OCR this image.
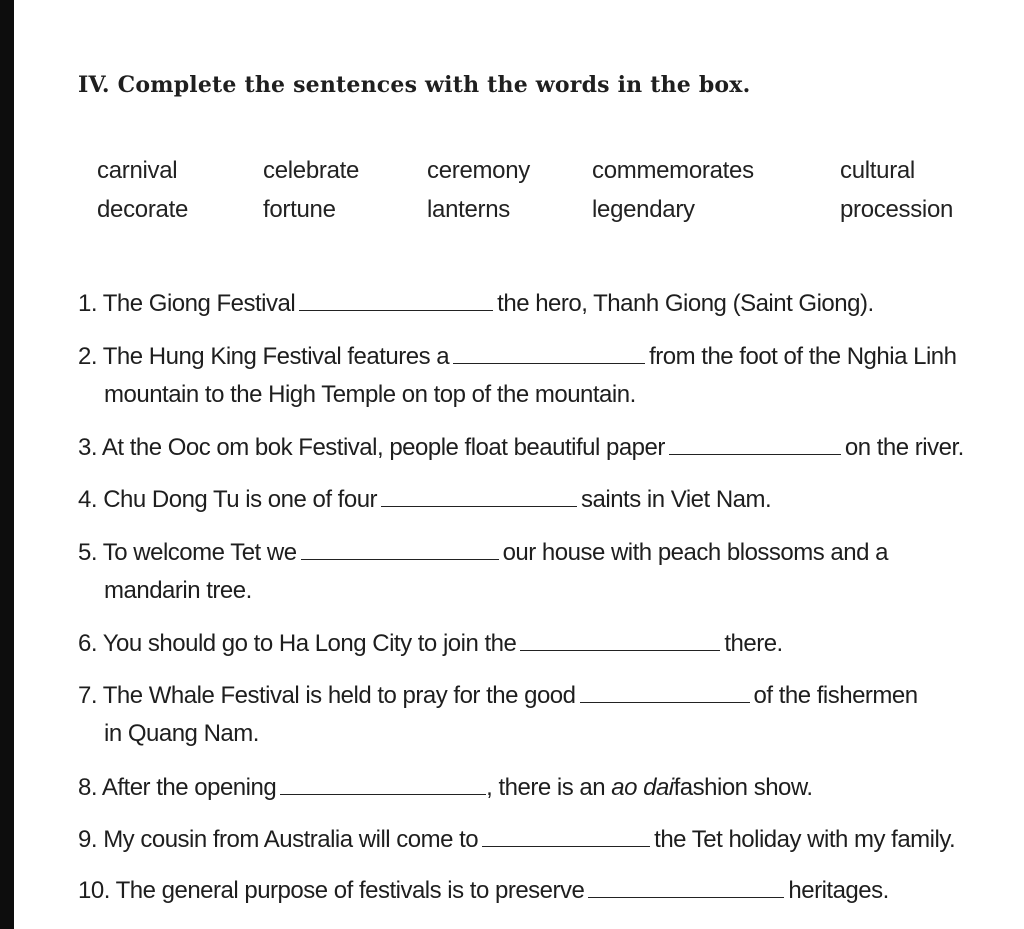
IV. Complete the sentences with the words in the box.
carnival	celebrate	ceremony	commemorates	cultural
decorate	fortune	lanterns	legendary	procession
1. The Giong Festival	the hero, Thanh Giong (Saint Giong).
2. The Hung King Festival features a	from the foot of the Nghia Linh
mountain to the High Temple on top of the mountain.
3. At the Ooc om bok Festival, people float beautiful paper	on the river.
4. Chu Dong Tu is one of four	saints in Viet Nam.
5. To welcome Tet we	our house with peach blossoms and a
mandarin tree.
6. You should go to Ha Long City to join the	there.
7. The Whale Festival is held to pray for the good	of the fishermen
in Quang Nam.
8. After the opening	, there is an ao daifashion show.
9. My cousin from Australia will come to	the Tet holiday with my family.
10. The general purpose of festivals is to preserve	heritages.
